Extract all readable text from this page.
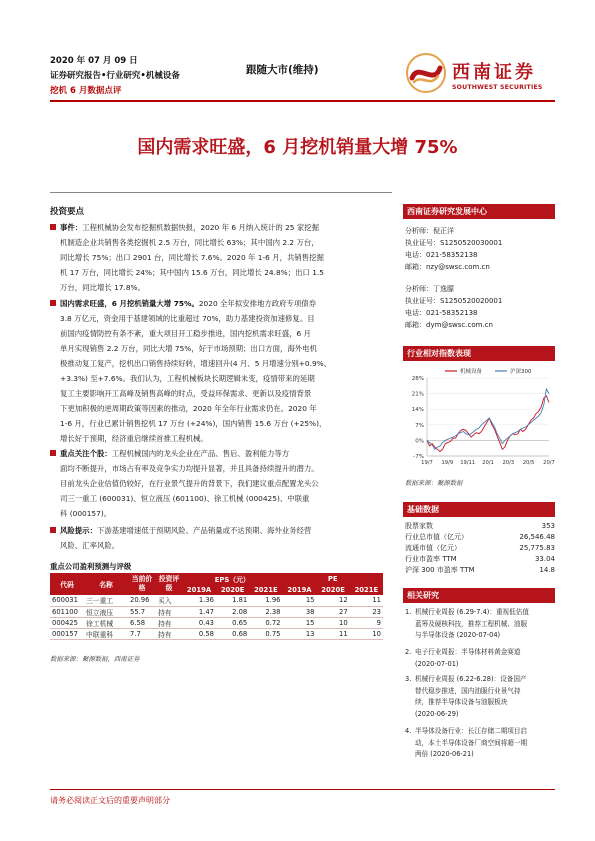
2020 年 07 月 09 日
证券研究报告•行业研究•机械设备
挖机 6 月数据点评
跟随大市(维持)	西南证券
SOUTHWEST SECURITIES
国内需求旺盛，6 月挖机销量大增 75%
投资要点
事件：工程机械协会发布挖掘机数据快报，2020 年 6 月纳入统计的 25 家挖掘
机制造企业共销售各类挖掘机 2.5 万台，同比增长 63%；其中国内 2.2 万台，
同比增长 75%；出口 2901 台，同比增长 7.6%。2020 年 1-6 月，共销售挖掘
机 17 万台，同比增长 24%；其中国内 15.6 万台，同比增长 24.8%；出口 1.5
万台，同比增长 17.8%。
国内需求旺盛，6 月挖机销量大增 75%。2020 全年拟安排地方政府专项债券
3.8 万亿元，资金用于基建领域的比重超过 70%，助力基建投资加速修复。目
前国内疫情防控有条不紊，重大项目开工稳步推进，国内挖机需求旺盛，6 月
单月实现销售 2.2 万台，同比大增 75%，好于市场预期；出口方面，海外电机
极推动复工复产，挖机出口销售持续好转，增速回升(4 月、5 月增速分别+0.9%、
+3.3%) 至+7.6%。我们认为，工程机械板块长期逻辑未变，疫情带来的延期
复工主要影响开工高峰及销售高峰的时点，受益环保需求、更新以及疫情背景
下更加积极的逆周期政策等因素的推动，2020 年全年行业需求仍在。2020 年
1-6 月，行业已累计销售挖机 17 万台 (+24%)，国内销售 15.6 万台 (+25%)，
增长好于预期，经济重启继续首推工程机械。
重点关注个股：工程机械国内的龙头企业在产品、售后、盈利能力等方
面均不断提升，市场占有率及竞争实力均提升显著，并且具备持续提升的潜力。
目前龙头企业估值仍较好，在行业景气提升的背景下，我们建议重点配置龙头公
司三一重工 (600031)、恒立液压 (601100)、徐工机械 (000425)、中联重
科 (000157)。
风险提示：下游基建增速低于预期风险、产品销量或不达预期、海外业务经营
风险、汇率风险。
重点公司盈利预测与评级
代码	名称	当前价格	投资评级	EPS（元）			PE		
				2019A	2020E	2021E	2019A	2020E	2021E
600031	三一重工	20.96	买入	1.36	1.81	1.96	15	12	11
601100	恒立液压	55.7	持有	1.47	2.08	2.38	38	27	23
000425	徐工机械	6.58	持有	0.43	0.65	0.72	15	10	9
000157	中联重科	7.7	持有	0.58	0.68	0.75	13	11	10
数据来源：聚源数据，西南证券
西南证券研究发展中心
分析师：倪正洋
执业证号：S1250520030001
电话：021-58352138
邮箱：nzy@swsc.com.cn
分析师：丁逸朦
执业证号：S1250520020001
电话：021-58352138
邮箱：dym@swsc.com.cn
行业相对指数表现
28%
21%
14%
7%
0%
-7%
19/7 19/9 19/11 20/1 20/3 20/5 20/7
机械设备	沪深300
数据来源：聚源数据
基础数据
股票家数	353
行业总市值（亿元）	26,546.48
流通市值（亿元）	25,775.83
行业市盈率 TTM	33.04
沪深 300 市盈率 TTM	14.8
相关研究
1. 机械行业周报 (6.29-7.4)：重视低估值
蓝筹及硬核科技，推荐工程机械、油服
与半导体设备 (2020-07-04)
2. 电子行业周报：半导体材料黄金赛道
(2020-07-01)
3. 机械行业周报 (6.22-6.28)：设备国产
替代稳步推进，国内油服行业景气持
续，推荐半导体设备与油服板块
(2020-06-29)
4. 半导体设备行业：长江存储二期项目启
动，本土半导体设备厂商空间将超一期
两倍 (2020-06-21)
请务必阅读正文后的重要声明部分
